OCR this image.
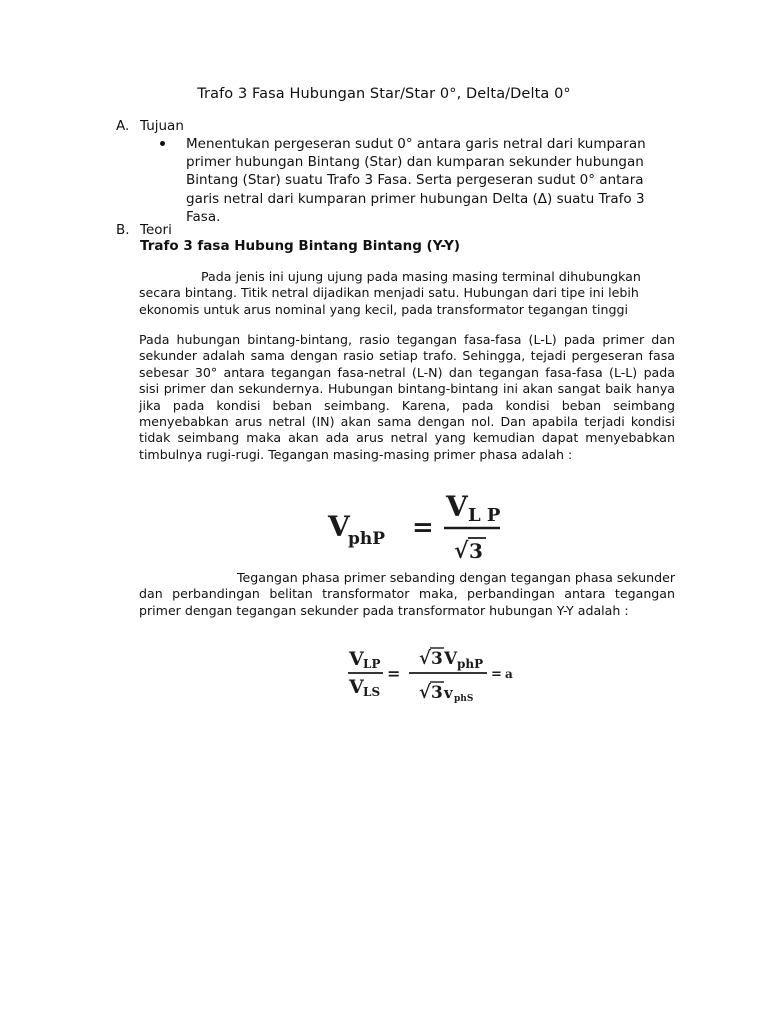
Trafo 3 Fasa Hubungan Star/Star 0°, Delta/Delta 0°
A. Tujuan
Menentukan pergeseran sudut 0° antara garis netral dari kumparan primer hubungan Bintang (Star) dan kumparan sekunder hubungan Bintang (Star) suatu Trafo 3 Fasa. Serta pergeseran sudut 0° antara garis netral dari kumparan primer hubungan Delta (Δ) suatu Trafo 3 Fasa.
B. Teori
Trafo 3 fasa Hubung Bintang Bintang (Y-Y)
Pada jenis ini ujung ujung pada masing masing terminal dihubungkan secara bintang. Titik netral dijadikan menjadi satu. Hubungan dari tipe ini lebih ekonomis untuk arus nominal yang kecil, pada transformator tegangan tinggi
Pada hubungan bintang-bintang, rasio tegangan fasa-fasa (L-L) pada primer dan sekunder adalah sama dengan rasio setiap trafo. Sehingga, tejadi pergeseran fasa sebesar 30° antara tegangan fasa-netral (L-N) dan tegangan fasa-fasa (L-L) pada sisi primer dan sekundernya. Hubungan bintang-bintang ini akan sangat baik hanya jika pada kondisi beban seimbang. Karena, pada kondisi beban seimbang menyebabkan arus netral (IN) akan sama dengan nol. Dan apabila terjadi kondisi tidak seimbang maka akan ada arus netral yang kemudian dapat menyebabkan timbulnya rugi-rugi. Tegangan masing-masing primer phasa adalah :
V
phP =
V L P
√ 3
Tegangan phasa primer sebanding dengan tegangan phasa sekunder dan perbandingan belitan transformator maka, perbandingan antara tegangan primer dengan tegangan sekunder pada transformator hubungan Y-Y adalah :
V LP
V LS
=
√ 3 V phP
√ 3 v phS
= a
